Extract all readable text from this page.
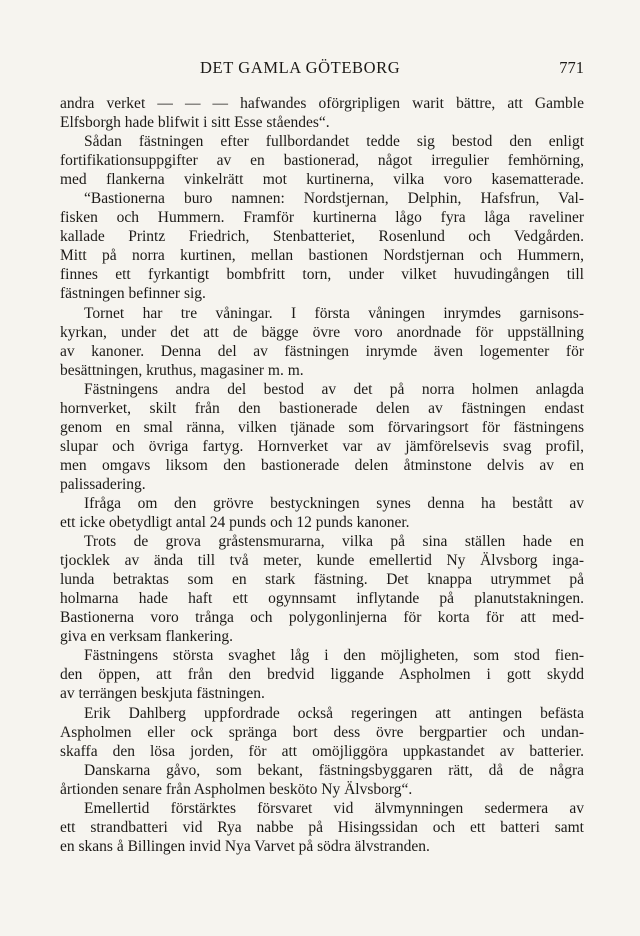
DET GAMLA GÖTEBORG	771
andra verket — — — hafwandes oförgripligen warit bättre, att Gamble
Elfsborgh hade blifwit i sitt Esse ståendes“.
Sådan fästningen efter fullbordandet tedde sig bestod den enligt
fortifikationsuppgifter av en bastionerad, något irregulier femhörning,
med flankerna vinkelrätt mot kurtinerna, vilka voro kasematterade.
“Bastionerna buro namnen: Nordstjernan, Delphin, Hafsfrun, Val-
fisken och Hummern. Framför kurtinerna lågo fyra låga raveliner
kallade Printz Friedrich, Stenbatteriet, Rosenlund och Vedgården.
Mitt på norra kurtinen, mellan bastionen Nordstjernan och Hummern,
finnes ett fyrkantigt bombfritt torn, under vilket huvudingången till
fästningen befinner sig.
Tornet har tre våningar. I första våningen inrymdes garnisons-
kyrkan, under det att de bägge övre voro anordnade för uppställning
av kanoner. Denna del av fästningen inrymde även logementer för
besättningen, kruthus, magasiner m. m.
Fästningens andra del bestod av det på norra holmen anlagda
hornverket, skilt från den bastionerade delen av fästningen endast
genom en smal ränna, vilken tjänade som förvaringsort för fästningens
slupar och övriga fartyg. Hornverket var av jämförelsevis svag profil,
men omgavs liksom den bastionerade delen åtminstone delvis av en
palissadering.
Ifråga om den grövre bestyckningen synes denna ha bestått av
ett icke obetydligt antal 24 punds och 12 punds kanoner.
Trots de grova gråstensmurarna, vilka på sina ställen hade en
tjocklek av ända till två meter, kunde emellertid Ny Älvsborg inga-
lunda betraktas som en stark fästning. Det knappa utrymmet på
holmarna hade haft ett ogynnsamt inflytande på planutstakningen.
Bastionerna voro trånga och polygonlinjerna för korta för att med-
giva en verksam flankering.
Fästningens största svaghet låg i den möjligheten, som stod fien-
den öppen, att från den bredvid liggande Aspholmen i gott skydd
av terrängen beskjuta fästningen.
Erik Dahlberg uppfordrade också regeringen att antingen befästa
Aspholmen eller ock spränga bort dess övre bergpartier och undan-
skaffa den lösa jorden, för att omöjliggöra uppkastandet av batterier.
Danskarna gåvo, som bekant, fästningsbyggaren rätt, då de några
årtionden senare från Aspholmen besköto Ny Älvsborg“.
Emellertid förstärktes försvaret vid älvmynningen sedermera av
ett strandbatteri vid Rya nabbe på Hisingssidan och ett batteri samt
en skans å Billingen invid Nya Varvet på södra älvstranden.
